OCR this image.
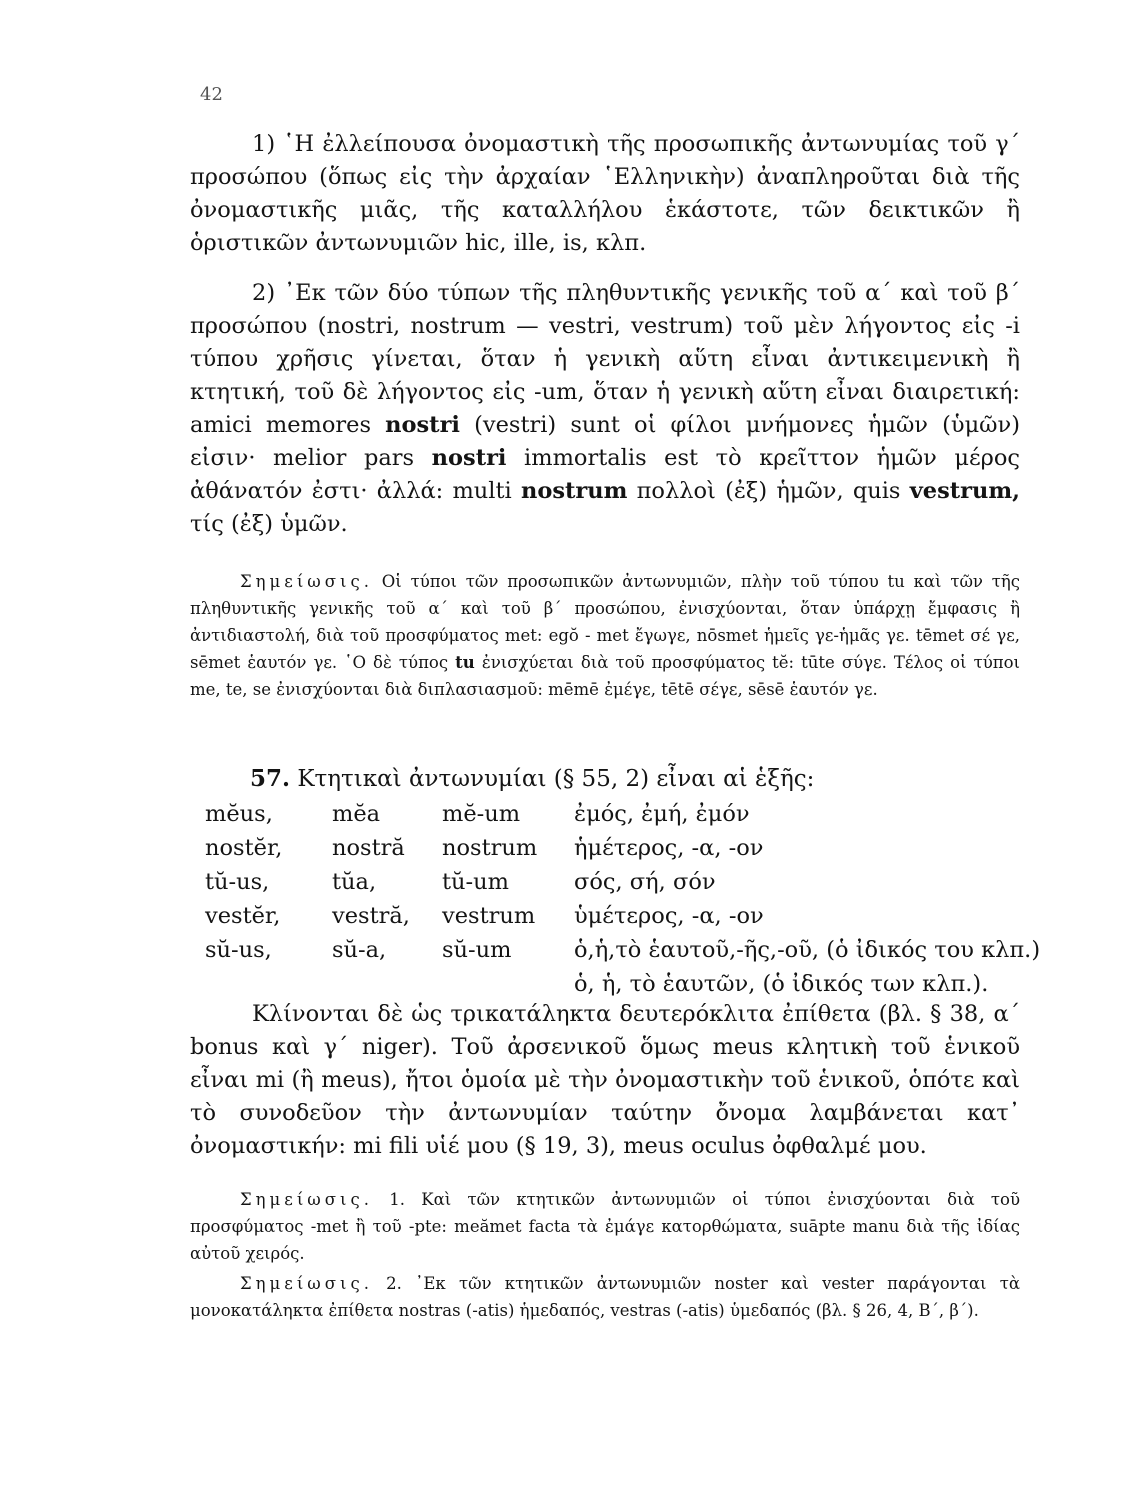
42

1) ῾Η ἐλλείπουσα ὀνομαστικὴ τῆς προσωπικῆς ἀντωνυμίας τοῦ γ΄ προσώπου (ὅπως εἰς τὴν ἀρχαίαν ῾Ελληνικὴν) ἀναπληροῦται διὰ τῆς ὀνομαστικῆς μιᾶς, τῆς καταλλήλου ἑκάστοτε, τῶν δεικτικῶν ἢ ὁριστικῶν ἀντωνυμιῶν hic, ille, is, κλπ.

2) ᾿Εκ τῶν δύο τύπων τῆς πληθυντικῆς γενικῆς τοῦ α΄ καὶ τοῦ β΄ προσώπου (nostri, nostrum — vestri, vestrum) τοῦ μὲν λήγοντος εἰς -i τύπου χρῆσις γίνεται, ὅταν ἡ γενικὴ αὕτη εἶναι ἀντικειμενικὴ ἢ κτητική, τοῦ δὲ λήγοντος εἰς -um, ὅταν ἡ γενικὴ αὕτη εἶναι διαιρετική: amici memores nostri (vestri) sunt οἱ φίλοι μνήμονες ἡμῶν (ὑμῶν) εἰσιν· melior pars nostri immortalis est τὸ κρεῖττον ἡμῶν μέρος ἀθάνατόν ἐστι· ἀλλά: multi nostrum πολλοὶ (ἐξ) ἡμῶν, quis vestrum, τίς (ἐξ) ὑμῶν.

Σημείωσις. Οἱ τύποι τῶν προσωπικῶν ἀντωνυμιῶν, πλὴν τοῦ τύπου tu καὶ τῶν τῆς πληθυντικῆς γενικῆς τοῦ α΄ καὶ τοῦ β΄ προσώπου, ἐνισχύονται, ὅταν ὑπάρχῃ ἔμφασις ἢ ἀντιδιαστολή, διὰ τοῦ προσφύματος met: egŏ - met ἔγωγε, nōsmet ἡμεῖς γε-ἡμᾶς γε. tēmet σέ γε, sēmet ἑαυτόν γε. ῾Ο δὲ τύπος tu ἐνισχύεται διὰ τοῦ προσφύματος tĕ: tūte σύγε. Τέλος οἱ τύποι me, te, se ἐνισχύονται διὰ διπλασιασμοῦ: mēmē ἐμέγε, tētē σέγε, sēsē ἑαυτόν γε.

57. Κτητικαὶ ἀντωνυμίαι (§ 55, 2) εἶναι αἱ ἑξῆς:
mĕus,	mĕa	mĕ-um	ἐμός, ἐμή, ἐμόν
nostĕr,	nostră	nostrum	ἡμέτερος, -α, -ον
tŭ-us,	tŭa,	tŭ-um	σός, σή, σόν
vestĕr,	vestră,	vestrum	ὑμέτερος, -α, -ον
sŭ-us,	sŭ-a,	sŭ-um	ὁ,ἡ,τὸ ἑαυτοῦ,-ῆς,-οῦ, (ὁ ἰδικός του κλπ.)
			ὁ, ἡ, τὸ ἑαυτῶν, (ὁ ἰδικός των κλπ.).

Κλίνονται δὲ ὡς τρικατάληκτα δευτερόκλιτα ἐπίθετα (βλ. § 38, α΄ bonus καὶ γ΄ niger). Τοῦ ἀρσενικοῦ ὅμως meus κλητικὴ τοῦ ἑνικοῦ εἶναι mi (ἢ meus), ἤτοι ὁμοία μὲ τὴν ὀνομαστικὴν τοῦ ἑνικοῦ, ὁπότε καὶ τὸ συνοδεῦον τὴν ἀντωνυμίαν ταύτην ὄνομα λαμβάνεται κατ᾽ ὀνομαστικήν: mi fili υἱέ μου (§ 19, 3), meus oculus ὀφθαλμέ μου.

Σημείωσις. 1. Καὶ τῶν κτητικῶν ἀντωνυμιῶν οἱ τύποι ἐνισχύονται διὰ τοῦ προσφύματος -met ἢ τοῦ -pte: meămet facta τὰ ἐμάγε κατορθώματα, suāpte manu διὰ τῆς ἰδίας αὐτοῦ χειρός.

Σημείωσις. 2. ᾿Εκ τῶν κτητικῶν ἀντωνυμιῶν noster καὶ vester παράγονται τὰ μονοκατάληκτα ἐπίθετα nostras (-atis) ἡμεδαπός, vestras (-atis) ὑμεδαπός (βλ. § 26, 4, Β΄, β΄).
